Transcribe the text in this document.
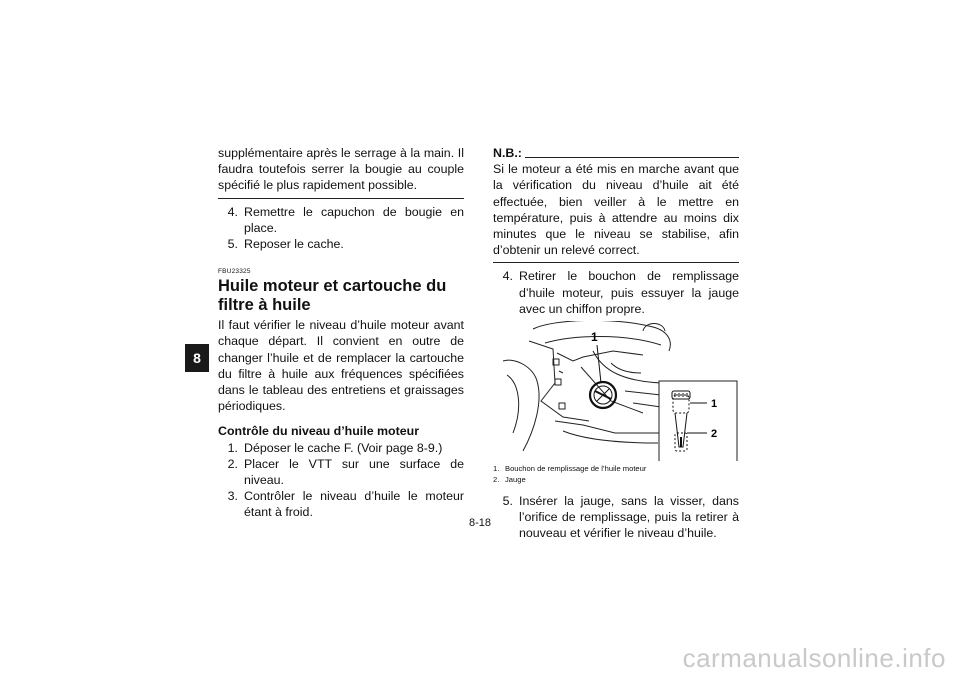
8

supplémentaire après le serrage à la main. Il faudra toutefois serrer la bougie au couple spécifié le plus rapidement possible.

4. Remettre le capuchon de bougie en place.
5. Reposer le cache.
FBU23325
Huile moteur et cartouche du filtre à huile

Il faut vérifier le niveau d’huile moteur avant chaque départ. Il convient en outre de changer l’huile et de remplacer la cartouche du filtre à huile aux fréquences spécifiées dans le tableau des entretiens et graissages périodiques.

Contrôle du niveau d’huile moteur

1. Déposer le cache F. (Voir page 8-9.)
2. Placer le VTT sur une surface de niveau.
3. Contrôler le niveau d’huile le moteur étant à froid.
N.B.:

Si le moteur a été mis en marche avant que la vérification du niveau d’huile ait été effectuée, bien veiller à le mettre en température, puis à attendre au moins dix minutes que le niveau se stabilise, afin d’obtenir un relevé correct.

4. Retirer le bouchon de remplissage d’huile moteur, puis essuyer la jauge avec un chiffon propre.
1
1
2
1. Bouchon de remplissage de l’huile moteur
2. Jauge
5. Insérer la jauge, sans la visser, dans l’orifice de remplissage, puis la retirer à nouveau et vérifier le niveau d’huile.
8-18
carmanualsonline.info
